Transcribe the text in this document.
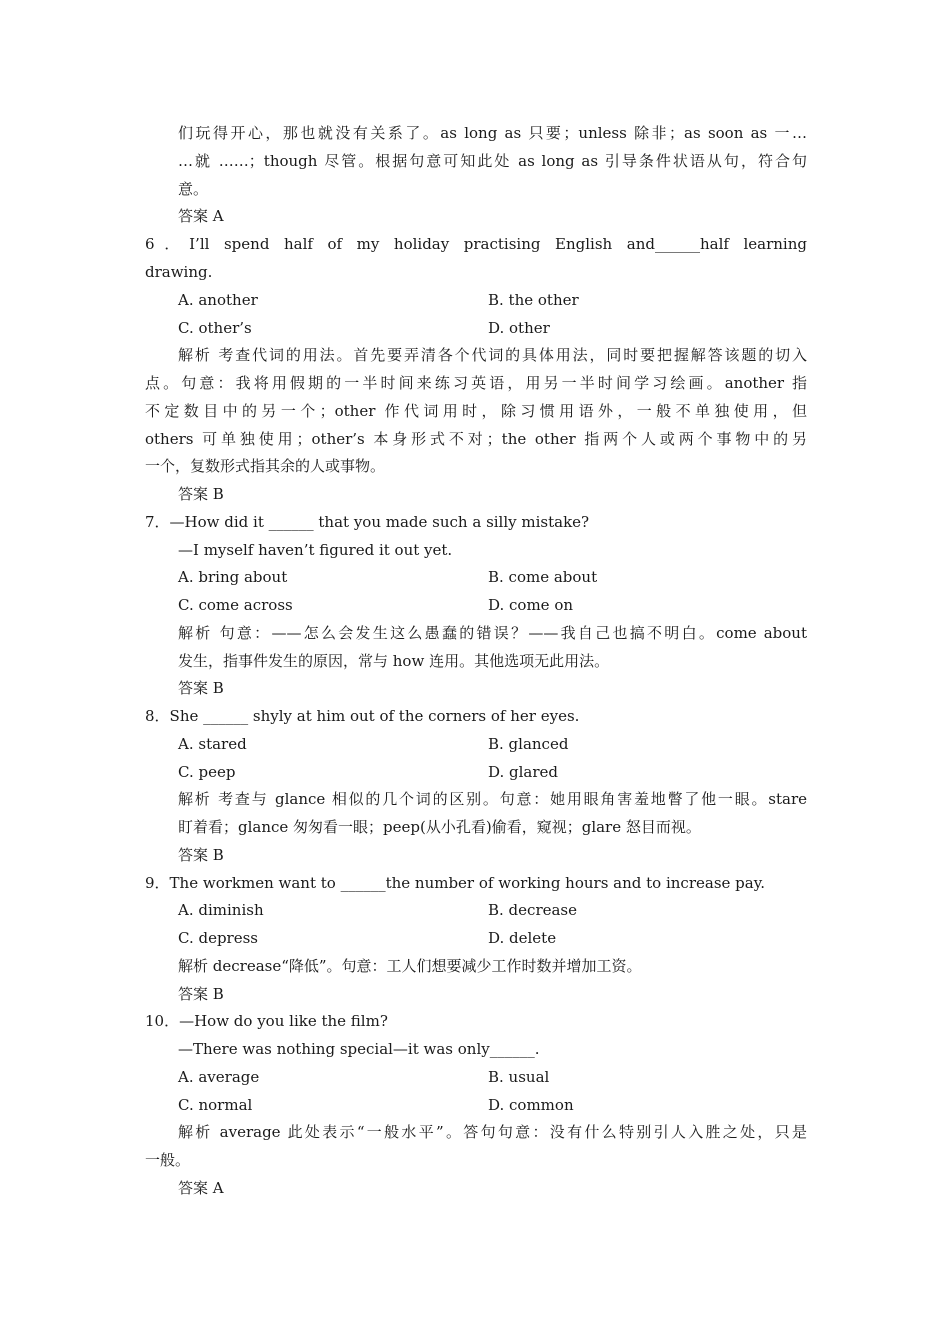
们玩得开心，那也就没有关系了。as long as 只要；unless 除非；as soon as 一…
…就 ……；though 尽管。根据句意可知此处 as long as 引导条件状语从句，符合句
意。
答案 A
6．I’ll spend half of my holiday practising English and______half learning
drawing.
A. another	B. the other
C. other’s	D. other
解析 考查代词的用法。首先要弄清各个代词的具体用法，同时要把握解答该题的切入
点。句意：我将用假期的一半时间来练习英语，用另一半时间学习绘画。another 指
不定数目中的另一个；other 作代词用时，除习惯用语外，一般不单独使用，但
others 可单独使用；other’s 本身形式不对；the other 指两个人或两个事物中的另
一个，复数形式指其余的人或事物。
答案 B
7．—How did it ______ that you made such a silly mistake?
—I myself haven’t figured it out yet.
A. bring about	B. come about
C. come across	D. come on
解析 句意：——怎么会发生这么愚蠢的错误？——我自己也搞不明白。come about
发生，指事件发生的原因，常与 how 连用。其他选项无此用法。
答案 B
8．She ______ shyly at him out of the corners of her eyes.
A. stared	B. glanced
C. peep	D. glared
解析 考查与 glance 相似的几个词的区别。句意：她用眼角害羞地瞥了他一眼。stare
盯着看；glance 匆匆看一眼；peep(从小孔看)偷看，窥视；glare 怒目而视。
答案 B
9．The workmen want to ______the number of working hours and to increase pay.
A. diminish	B. decrease
C. depress	D. delete
解析 decrease“降低”。句意：工人们想要减少工作时数并增加工资。
答案 B
10．—How do you like the film?
—There was nothing special—it was only______.
A. average	B. usual
C. normal	D. common
解析 average 此处表示“一般水平”。答句句意：没有什么特别引人入胜之处，只是
一般。
答案 A
